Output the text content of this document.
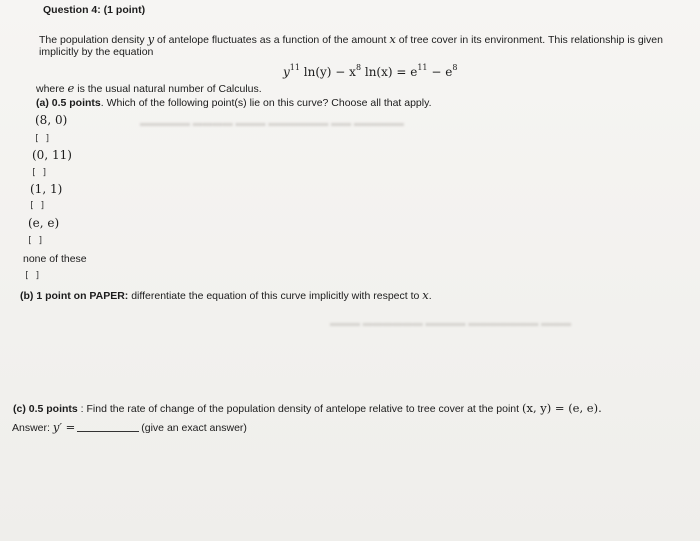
Question 4: (1 point)
The population density y of antelope fluctuates as a function of the amount x of tree cover in its environment. This relationship is given
implicitly by the equation
$y^{11}$ $\ln(y) - x^8$ $\ln(x) = e^{11} - e^8$
where e is the usual natural number of Calculus.
(a) 0.5 points. Which of the following point(s) lie on this curve? Choose all that apply.
▬▬▬▬▬ ▬▬▬▬ ▬▬▬ ▬▬▬▬▬▬ ▬▬ ▬▬▬▬▬
▬▬▬ ▬▬▬▬▬▬ ▬▬▬▬ ▬▬▬▬▬▬▬ ▬▬▬
(8, 0)
[ ]
(0, 11)
[ ]
(1, 1)
[ ]
(e, e)
[ ]
none of these
[ ]
(b) 1 point on PAPER: differentiate the equation of this curve implicitly with respect to x.
(c) 0.5 points : Find the rate of change of the population density of antelope relative to tree cover at the point (x, y) = (e, e).
Answer: y′ =	(give an exact answer)
